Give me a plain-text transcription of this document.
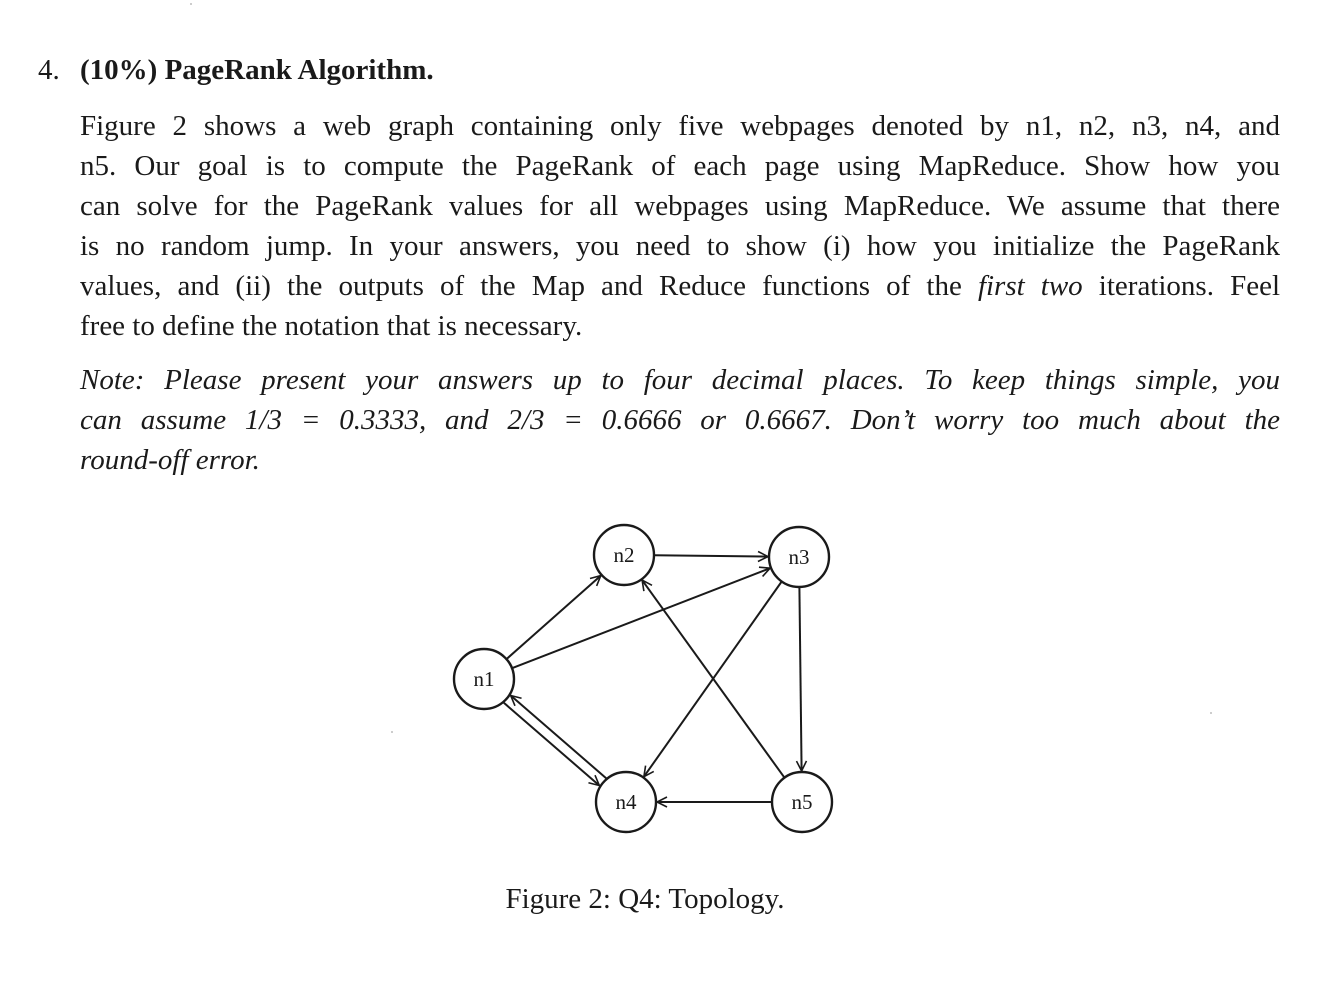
4. (10%) PageRank Algorithm.
Figure 2 shows a web graph containing only five webpages denoted by n1, n2, n3, n4, and
n5. Our goal is to compute the PageRank of each page using MapReduce. Show how you
can solve for the PageRank values for all webpages using MapReduce. We assume that there
is no random jump. In your answers, you need to show (i) how you initialize the PageRank
values, and (ii) the outputs of the Map and Reduce functions of the first two iterations. Feel
free to define the notation that is necessary.
Note: Please present your answers up to four decimal places. To keep things simple, you
can assume 1/3 = 0.3333, and 2/3 = 0.6666 or 0.6667. Don’t worry too much about the
round-off error.
n1
n2	n3
n4	n5
Figure 2: Q4: Topology.
